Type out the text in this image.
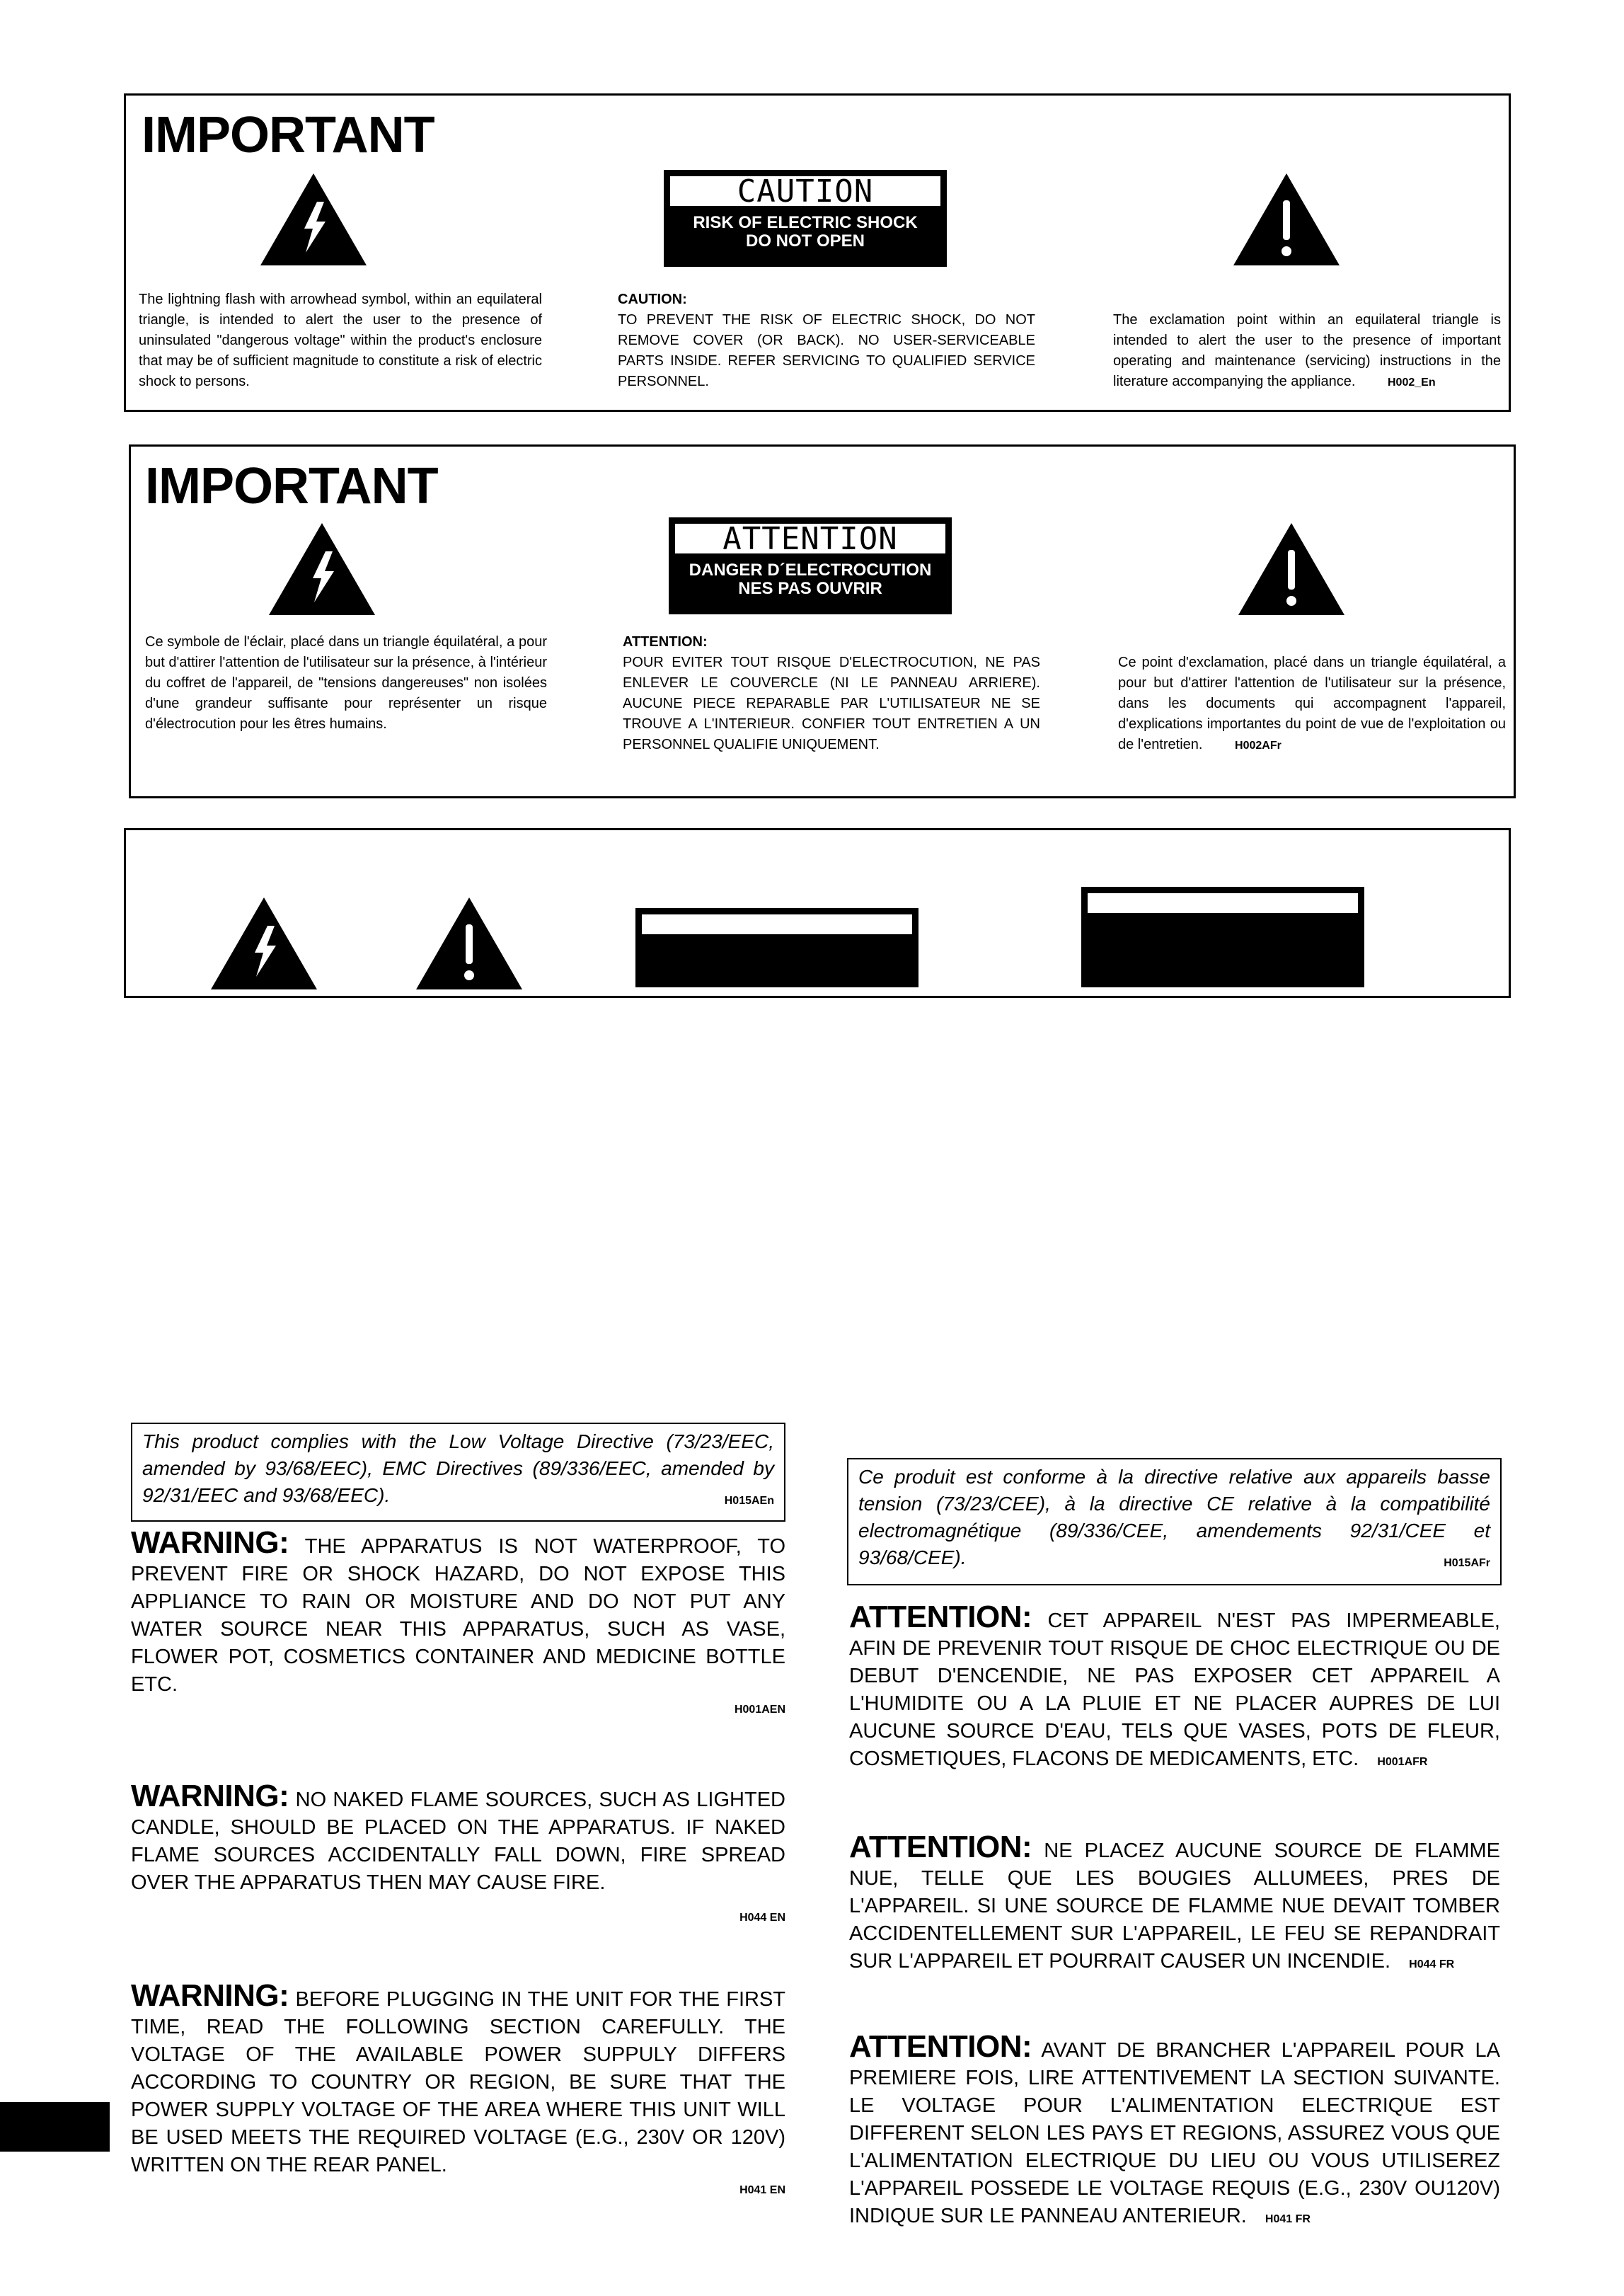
IMPORTANT
CAUTION
RISK OF ELECTRIC SHOCK
DO NOT OPEN
The lightning flash with arrowhead symbol, within an equilateral triangle, is intended to alert the user to the presence of uninsulated "dangerous voltage" within the product's enclosure that may be of sufficient magnitude to constitute a risk of electric shock to persons.
CAUTION:
TO PREVENT THE RISK OF ELECTRIC SHOCK, DO NOT REMOVE COVER (OR BACK). NO USER-SERVICEABLE PARTS INSIDE. REFER SERVICING TO QUALIFIED SERVICE PERSONNEL.
The exclamation point within an equilateral triangle is intended to alert the user to the presence of important operating and maintenance (servicing) instructions in the literature accompanying the appliance.	H002_En
IMPORTANT
ATTENTION
DANGER D´ELECTROCUTION
NES PAS OUVRIR
Ce symbole de l'éclair, placé dans un triangle équilatéral, a pour but d'attirer l'attention de l'utilisateur sur la présence, à l'intérieur du coffret de l'appareil, de "tensions dangereuses" non isolées d'une grandeur suffisante pour représenter un risque d'électrocution pour les êtres humains.
ATTENTION:
POUR EVITER TOUT RISQUE D'ELECTROCUTION, NE PAS ENLEVER LE COUVERCLE (NI LE PANNEAU ARRIERE). AUCUNE PIECE REPARABLE PAR L'UTILISATEUR NE SE TROUVE A L'INTERIEUR. CONFIER TOUT ENTRETIEN A UN PERSONNEL QUALIFIE UNIQUEMENT.
Ce point d'exclamation, placé dans un triangle équilatéral, a pour but d'attirer l'attention de l'utilisateur sur la présence, dans les documents qui accompagnent l'appareil, d'explications importantes du point de vue de l'exploitation ou de l'entretien.	H002AFr
This product complies with the Low Voltage Directive (73/23/EEC, amended by 93/68/EEC), EMC Directives (89/336/EEC, amended by 92/31/EEC and 93/68/EEC).	H015AEn
WARNING: THE APPARATUS IS NOT WATERPROOF, TO PREVENT FIRE OR SHOCK HAZARD, DO NOT EXPOSE THIS APPLIANCE TO RAIN OR MOISTURE AND DO NOT PUT ANY WATER SOURCE NEAR THIS APPARATUS, SUCH AS VASE, FLOWER POT, COSMETICS CONTAINER AND MEDICINE BOTTLE ETC.
H001AEN
WARNING: NO NAKED FLAME SOURCES, SUCH AS LIGHTED CANDLE, SHOULD BE PLACED ON THE APPARATUS. IF NAKED FLAME SOURCES ACCIDENTALLY FALL DOWN, FIRE SPREAD OVER THE APPARATUS THEN MAY CAUSE FIRE.
H044 EN
WARNING: BEFORE PLUGGING IN THE UNIT FOR THE FIRST TIME, READ THE FOLLOWING SECTION CAREFULLY. THE VOLTAGE OF THE AVAILABLE POWER SUPPULY DIFFERS ACCORDING TO COUNTRY OR REGION, BE SURE THAT THE POWER SUPPLY VOLTAGE OF THE AREA WHERE THIS UNIT WILL BE USED MEETS THE REQUIRED VOLTAGE (E.G., 230V OR 120V) WRITTEN ON THE REAR PANEL.
H041 EN
Ce produit est conforme à la directive relative aux appareils basse tension (73/23/CEE), à la directive CE relative à la compatibilité electromagnétique (89/336/CEE, amendements 92/31/CEE et 93/68/CEE).	H015AFr
ATTENTION: CET APPAREIL N'EST PAS IMPERMEABLE, AFIN DE PREVENIR TOUT RISQUE DE CHOC ELECTRIQUE OU DE DEBUT D'ENCENDIE, NE PAS EXPOSER CET APPAREIL A L'HUMIDITE OU A LA PLUIE ET NE PLACER AUPRES DE LUI AUCUNE SOURCE D'EAU, TELS QUE VASES, POTS DE FLEUR, COSMETIQUES, FLACONS DE MEDICAMENTS, ETC. H001AFR
ATTENTION: NE PLACEZ AUCUNE SOURCE DE FLAMME NUE, TELLE QUE LES BOUGIES ALLUMEES, PRES DE L'APPAREIL. SI UNE SOURCE DE FLAMME NUE DEVAIT TOMBER ACCIDENTELLEMENT SUR L'APPAREIL, LE FEU SE REPANDRAIT SUR L'APPAREIL ET POURRAIT CAUSER UN INCENDIE. H044 FR
ATTENTION: AVANT DE BRANCHER L'APPAREIL POUR LA PREMIERE FOIS, LIRE ATTENTIVEMENT LA SECTION SUIVANTE. LE VOLTAGE POUR L'ALIMENTATION ELECTRIQUE EST DIFFERENT SELON LES PAYS ET REGIONS, ASSUREZ VOUS QUE L'ALIMENTATION ELECTRIQUE DU LIEU OU VOUS UTILISEREZ L'APPAREIL POSSEDE LE VOLTAGE REQUIS (E.G., 230V OU120V) INDIQUE SUR LE PANNEAU ANTERIEUR. H041 FR
